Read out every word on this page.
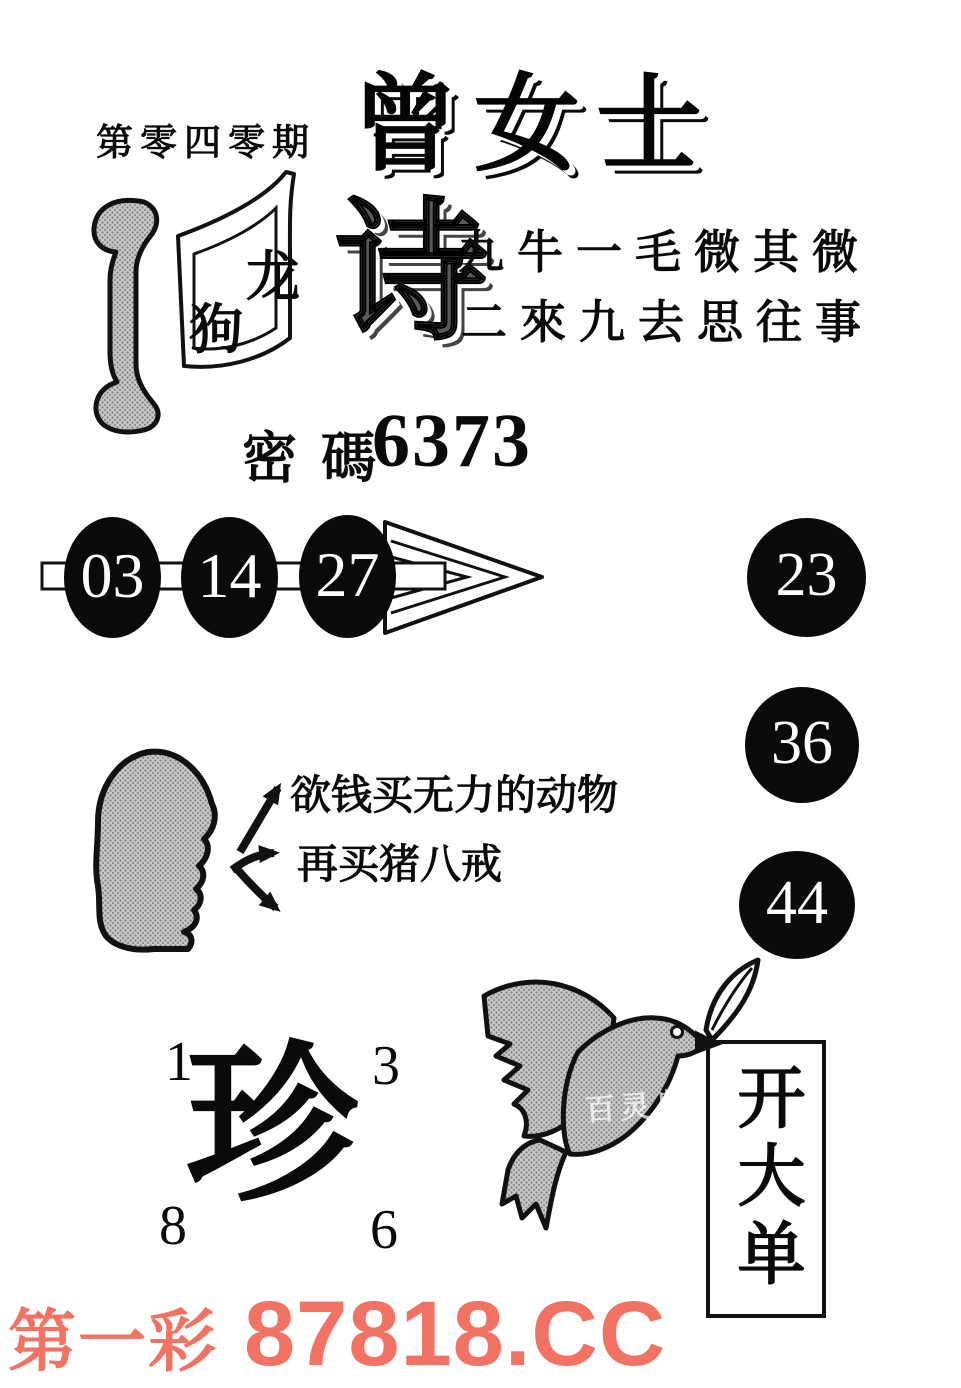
第零四零期 曾女士
龙
狗 诗
九牛一毛微其微
二來九去思往事
密碼
6373
03 14 27	23
36
44
欲钱买无力的动物
再买猪八戒
1	3
8	6
珍	开大单
百灵鸟
第一彩 87818.CC
